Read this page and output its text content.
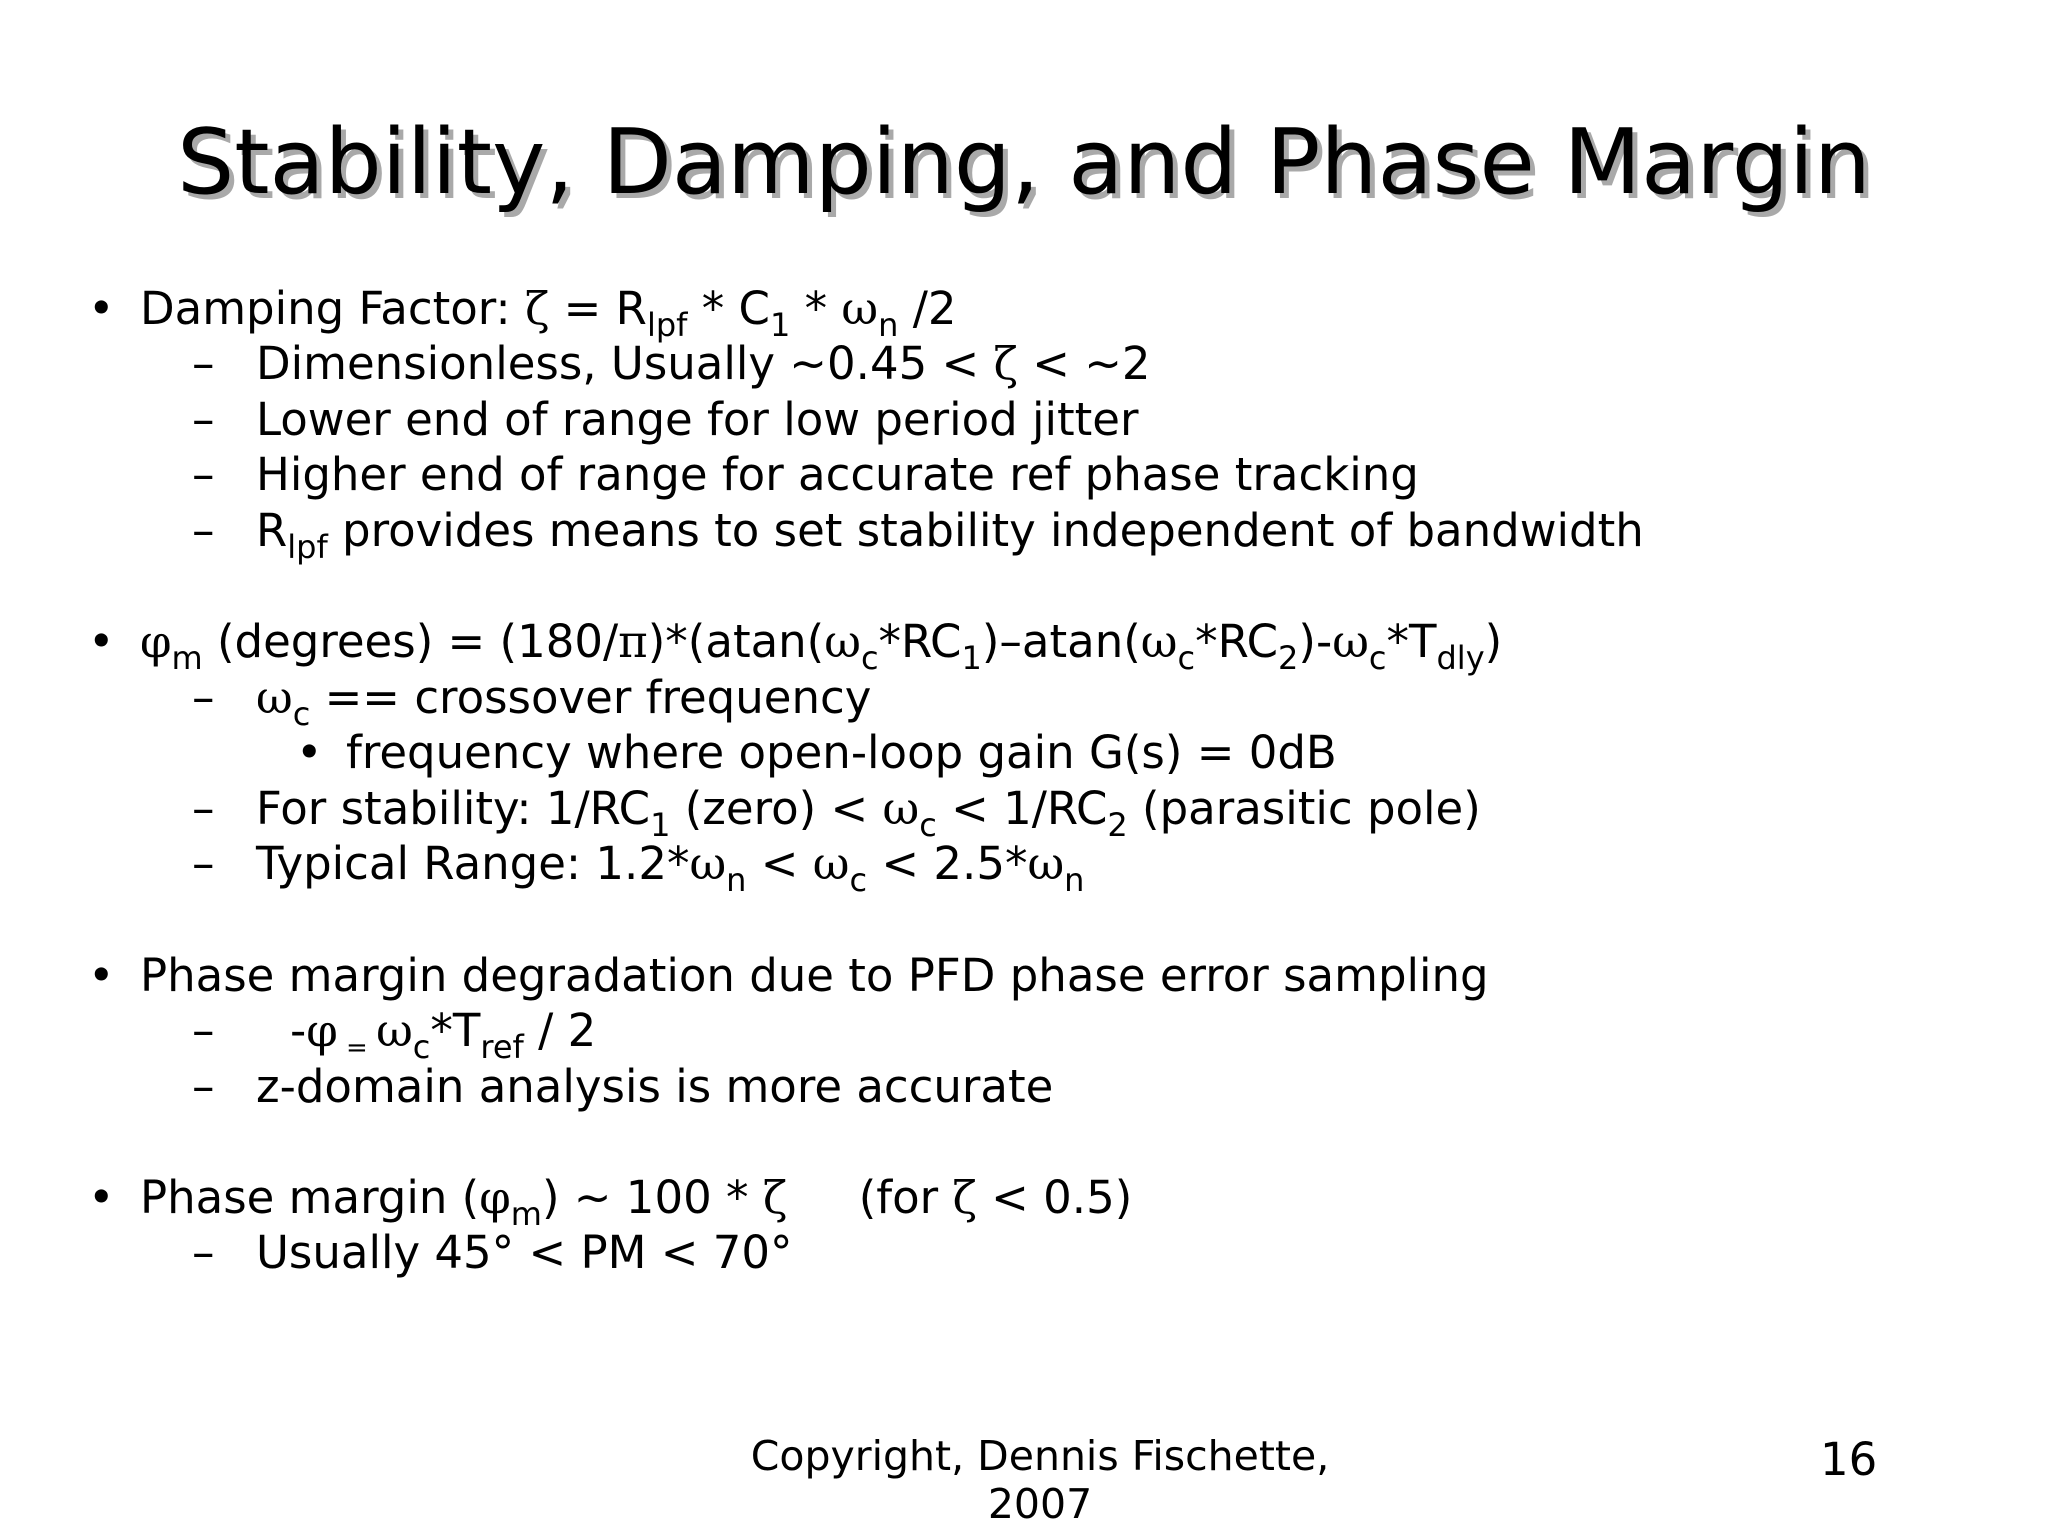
Stability, Damping, and Phase Margin
• Damping Factor: $\zeta = R_{lpf} * C_1 * \omega_n$ /2
– Dimensionless, Usually ~0.45 < ζ < ~2
– Lower end of range for low period jitter
– Higher end of range for accurate ref phase tracking
– $R_{lpf}$ provides means to set stability independent of bandwidth
• $\varphi_m$ (degrees) = $(180/\pi)*(atan(\omega_c*RC_1)-atan(\omega_c*RC_2)-\omega_c*T_{dly})$
– $\omega_c$ == crossover frequency
• frequency where open-loop gain G(s) = 0dB
– For stability: $1/RC_1$ (zero) < $\omega_c < 1/RC_2$ (parasitic pole)
– Typical Range: $1.2*\omega_n < \omega_c < 2.5*\omega_n$
• Phase margin degradation due to PFD phase error sampling
– -φ $_=$ $\omega_c*T_{ref} / 2$
– z-domain analysis is more accurate
• Phase margin $(\varphi_m)$ ~ 100 * ζ     (for ζ < 0.5)
– Usually 45° < PM < 70°
Copyright, Dennis Fischette,
2007
16
